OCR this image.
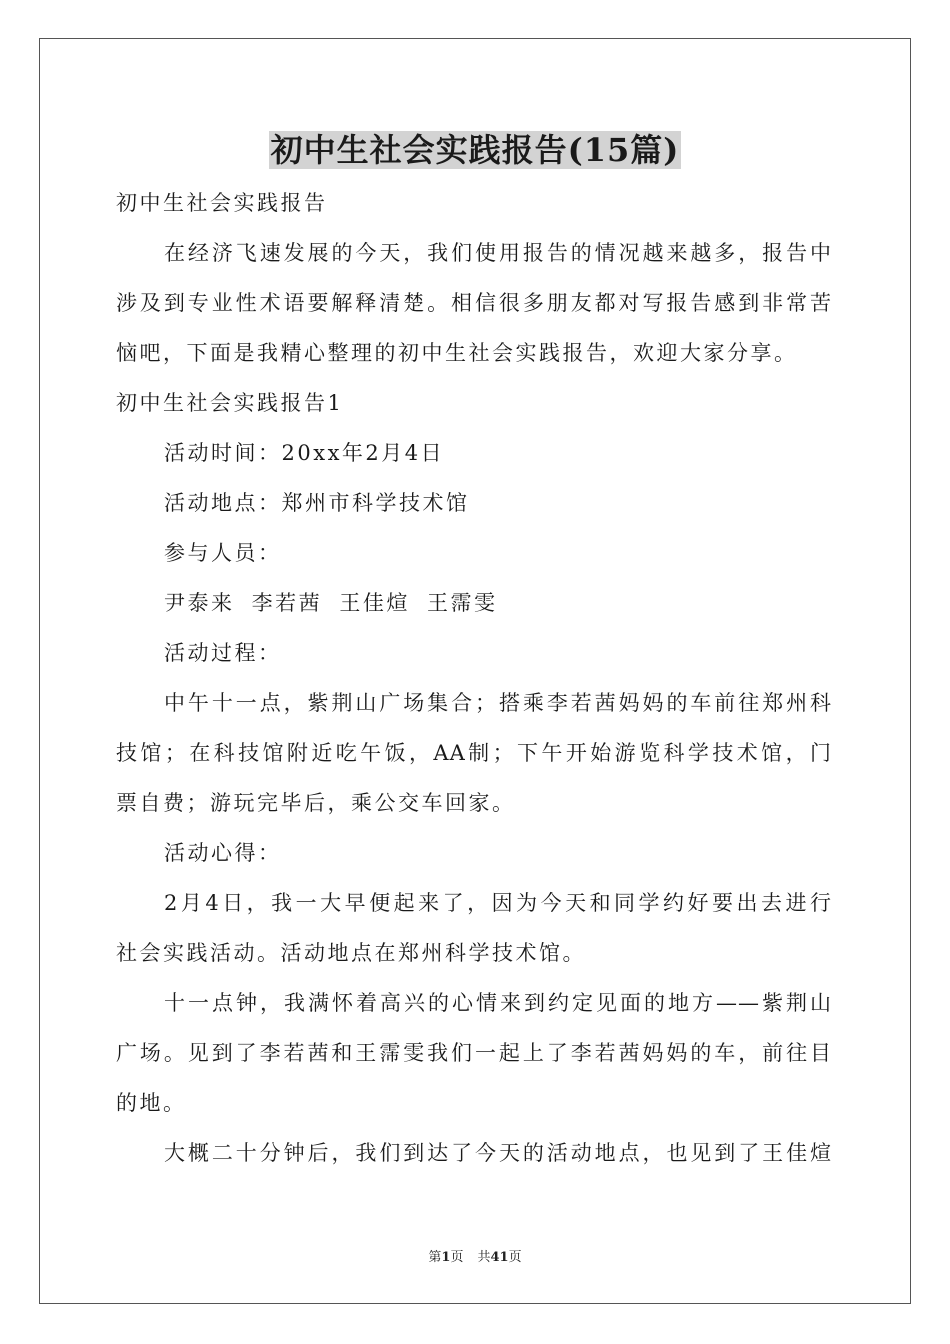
初中生社会实践报告(15篇)

初中生社会实践报告

在经济飞速发展的今天，我们使用报告的情况越来越多，报告中

涉及到专业性术语要解释清楚。相信很多朋友都对写报告感到非常苦

恼吧，下面是我精心整理的初中生社会实践报告，欢迎大家分享。

初中生社会实践报告1

活动时间：20xx年2月4日

活动地点：郑州市科学技术馆

参与人员：

尹泰来 李若茜 王佳煊 王霈雯

活动过程：

中午十一点，紫荆山广场集合；搭乘李若茜妈妈的车前往郑州科

技馆；在科技馆附近吃午饭，AA制；下午开始游览科学技术馆，门

票自费；游玩完毕后，乘公交车回家。

活动心得：

2月4日，我一大早便起来了，因为今天和同学约好要出去进行

社会实践活动。活动地点在郑州科学技术馆。

十一点钟，我满怀着高兴的心情来到约定见面的地方——紫荆山

广场。见到了李若茜和王霈雯我们一起上了李若茜妈妈的车，前往目

的地。

大概二十分钟后，我们到达了今天的活动地点，也见到了王佳煊

第1页 共41页
